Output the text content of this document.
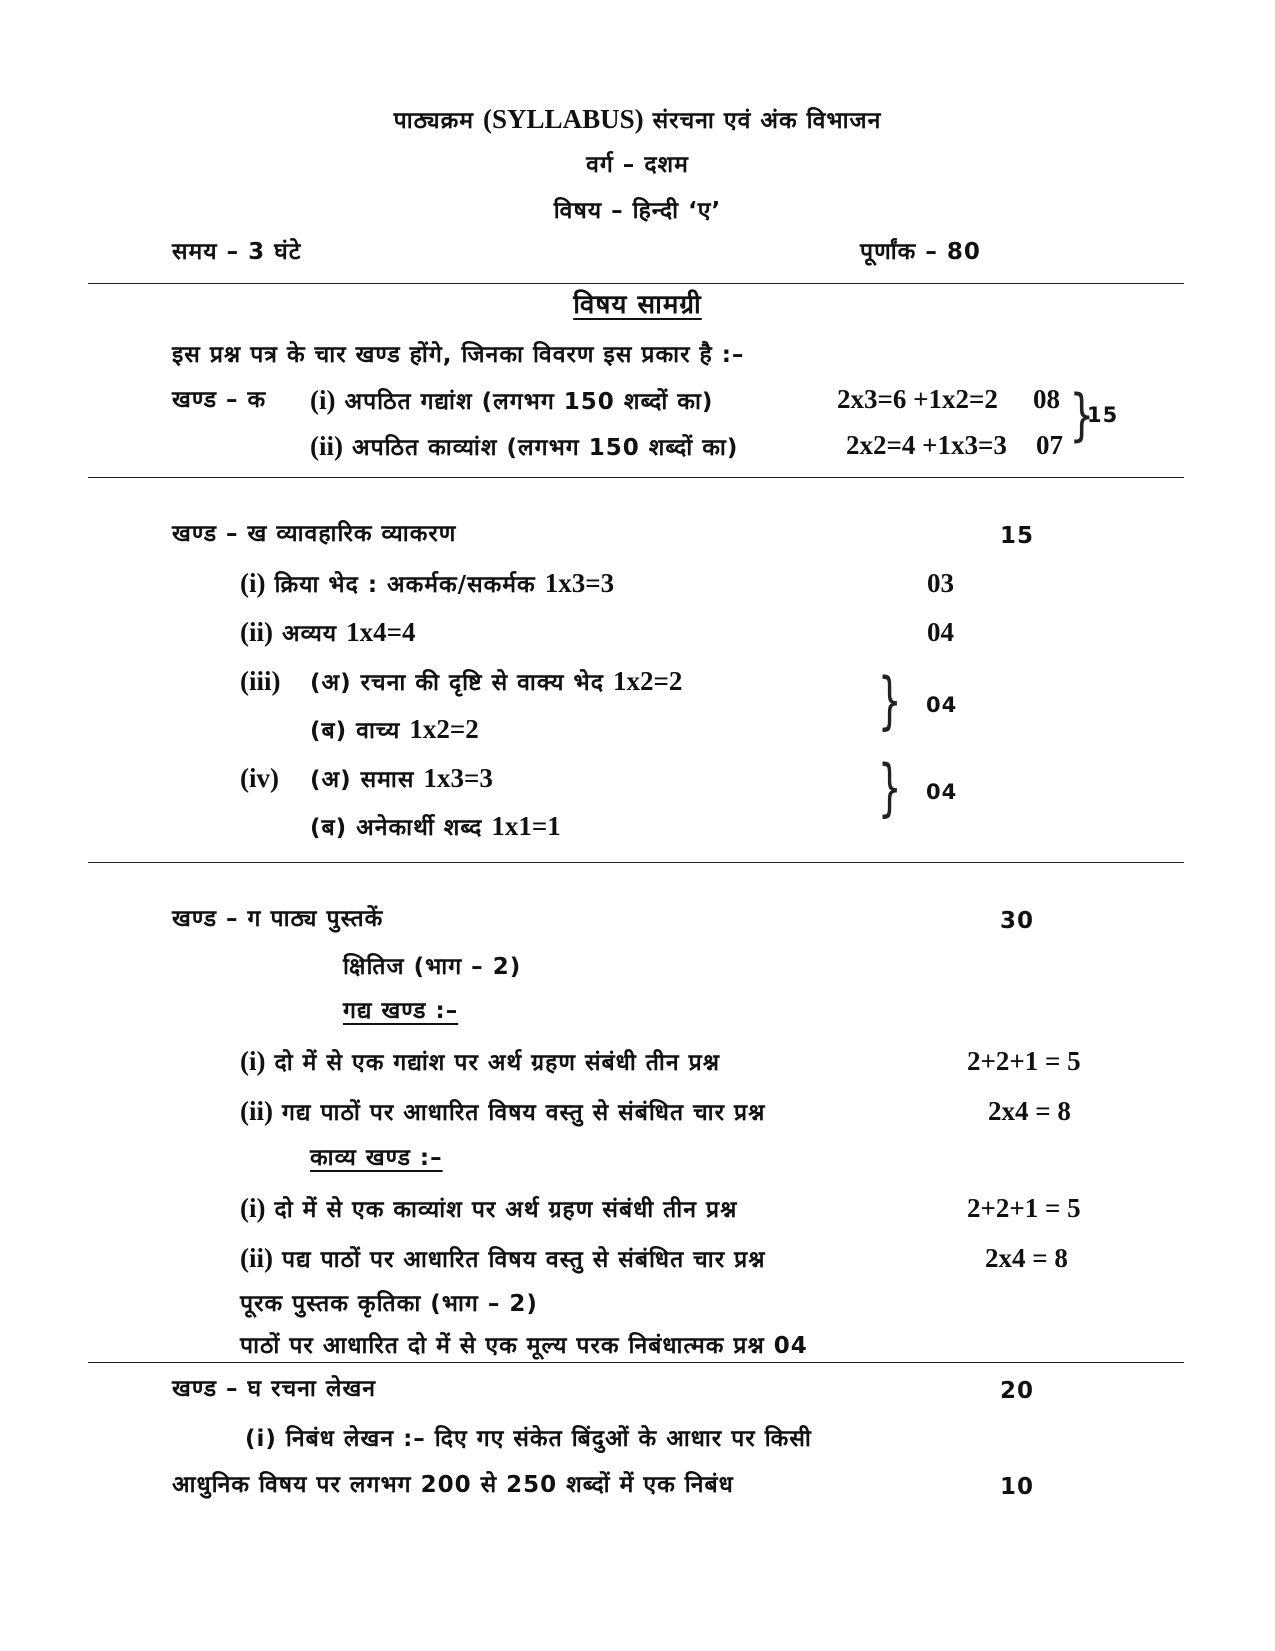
पाठ्यक्रम (SYLLABUS) संरचना एवं अंक विभाजन
वर्ग – दशम
विषय – हिन्दी ‘ए’
समय – 3 घंटे	पूर्णांक – 80
विषय सामग्री
इस प्रश्न पत्र के चार खण्ड होंगे, जिनका विवरण इस प्रकार है :–
खण्ड – क (i) अपठित गद्यांश (लगभग 150 शब्दों का)	2x3=6 +1x2=2 08
(ii) अपठित काव्यांश (लगभग 150 शब्दों का)	2x2=4 +1x3=3 07 }
15
खण्ड – ख व्यावहारिक व्याकरण	15
(i) क्रिया भेद : अकर्मक/सकर्मक 1x3=3	03
(ii) अव्यय 1x4=4	04
(iii) (अ) रचना की दृष्टि से वाक्य भेद 1x2=2
(ब) वाच्य 1x2=2	} 04
(iv) (अ) समास 1x3=3
(ब) अनेकार्थी शब्द 1x1=1
} 04
खण्ड – ग पाठ्य पुस्तकें	30
क्षितिज (भाग – 2)
गद्य खण्ड :–
(i) दो में से एक गद्यांश पर अर्थ ग्रहण संबंधी तीन प्रश्न	2+2+1 = 5
(ii) गद्य पाठों पर आधारित विषय वस्तु से संबंधित चार प्रश्न	2x4 = 8
काव्य खण्ड :–
(i) दो में से एक काव्यांश पर अर्थ ग्रहण संबंधी तीन प्रश्न	2+2+1 = 5
(ii) पद्य पाठों पर आधारित विषय वस्तु से संबंधित चार प्रश्न	2x4 = 8
पूरक पुस्तक कृतिका (भाग – 2)
पाठों पर आधारित दो में से एक मूल्य परक निबंधात्मक प्रश्न 04
खण्ड – घ रचना लेखन	20
(i) निबंध लेखन :– दिए गए संकेत बिंदुओं के आधार पर किसी
आधुनिक विषय पर लगभग 200 से 250 शब्दों में एक निबंध	10
